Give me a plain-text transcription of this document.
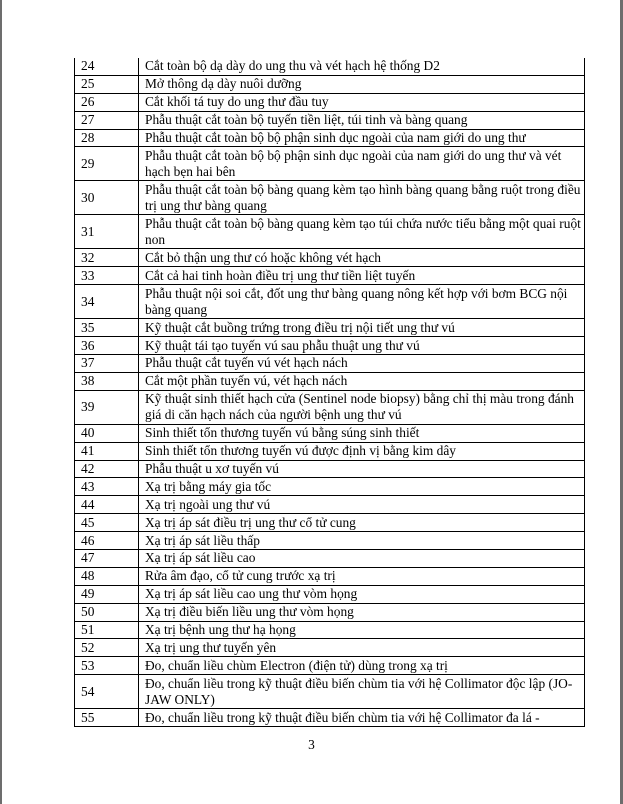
24	Cắt toàn bộ dạ dày do ung thu và vét hạch hệ thống D2
25	Mở thông dạ dày nuôi dưỡng
26	Cắt khối tá tuy do ung thư đầu tuy
27	Phẫu thuật cắt toàn bộ tuyến tiền liệt, túi tinh và bàng quang
28	Phẫu thuật cắt toàn bộ bộ phận sinh dục ngoài của nam giới do ung thư
29	Phẫu thuật cắt toàn bộ bộ phận sinh dục ngoài của nam giới do ung thư và vét hạch bẹn hai bên
30	Phẫu thuật cắt toàn bộ bàng quang kèm tạo hình bàng quang bằng ruột trong điều trị ung thư bàng quang
31	Phẫu thuật cắt toàn bộ bàng quang kèm tạo túi chứa nước tiểu bằng một quai ruột non
32	Cắt bỏ thận ung thư có hoặc không vét hạch
33	Cắt cả hai tinh hoàn điều trị ung thư tiền liệt tuyến
34	Phẫu thuật nội soi cắt, đốt ung thư bàng quang nông kết hợp với bơm BCG nội bàng quang
35	Kỹ thuật cắt buồng trứng trong điều trị nội tiết ung thư vú
36	Kỹ thuật tái tạo tuyến vú sau phẫu thuật ung thư vú
37	Phẫu thuật cắt tuyến vú vét hạch nách
38	Cắt một phần tuyến vú, vét hạch nách
39	Kỹ thuật sinh thiết hạch cửa (Sentinel node biopsy) bằng chỉ thị màu trong đánh giá di căn hạch nách của người bệnh ung thư vú
40	Sinh thiết tổn thương tuyến vú bằng súng sinh thiết
41	Sinh thiết tổn thương tuyến vú được định vị bằng kim dây
42	Phẫu thuật u xơ tuyến vú
43	Xạ trị bằng máy gia tốc
44	Xạ trị ngoài ung thư vú
45	Xạ trị áp sát điều trị ung thư cổ tử cung
46	Xạ trị áp sát liều thấp
47	Xạ trị áp sát liều cao
48	Rửa âm đạo, cổ tử cung trước xạ trị
49	Xạ trị áp sát liều cao ung thư vòm họng
50	Xạ trị điều biến liều ung thư vòm họng
51	Xạ trị bệnh ung thư hạ họng
52	Xạ trị ung thư tuyến yên
53	Đo, chuẩn liều chùm Electron (điện tử) dùng trong xạ trị
54	Đo, chuẩn liều trong kỹ thuật điều biến chùm tia với hệ Collimator độc lập (JO-JAW ONLY)
55	Đo, chuẩn liều trong kỹ thuật điều biến chùm tia với hệ Collimator đa lá -
3
